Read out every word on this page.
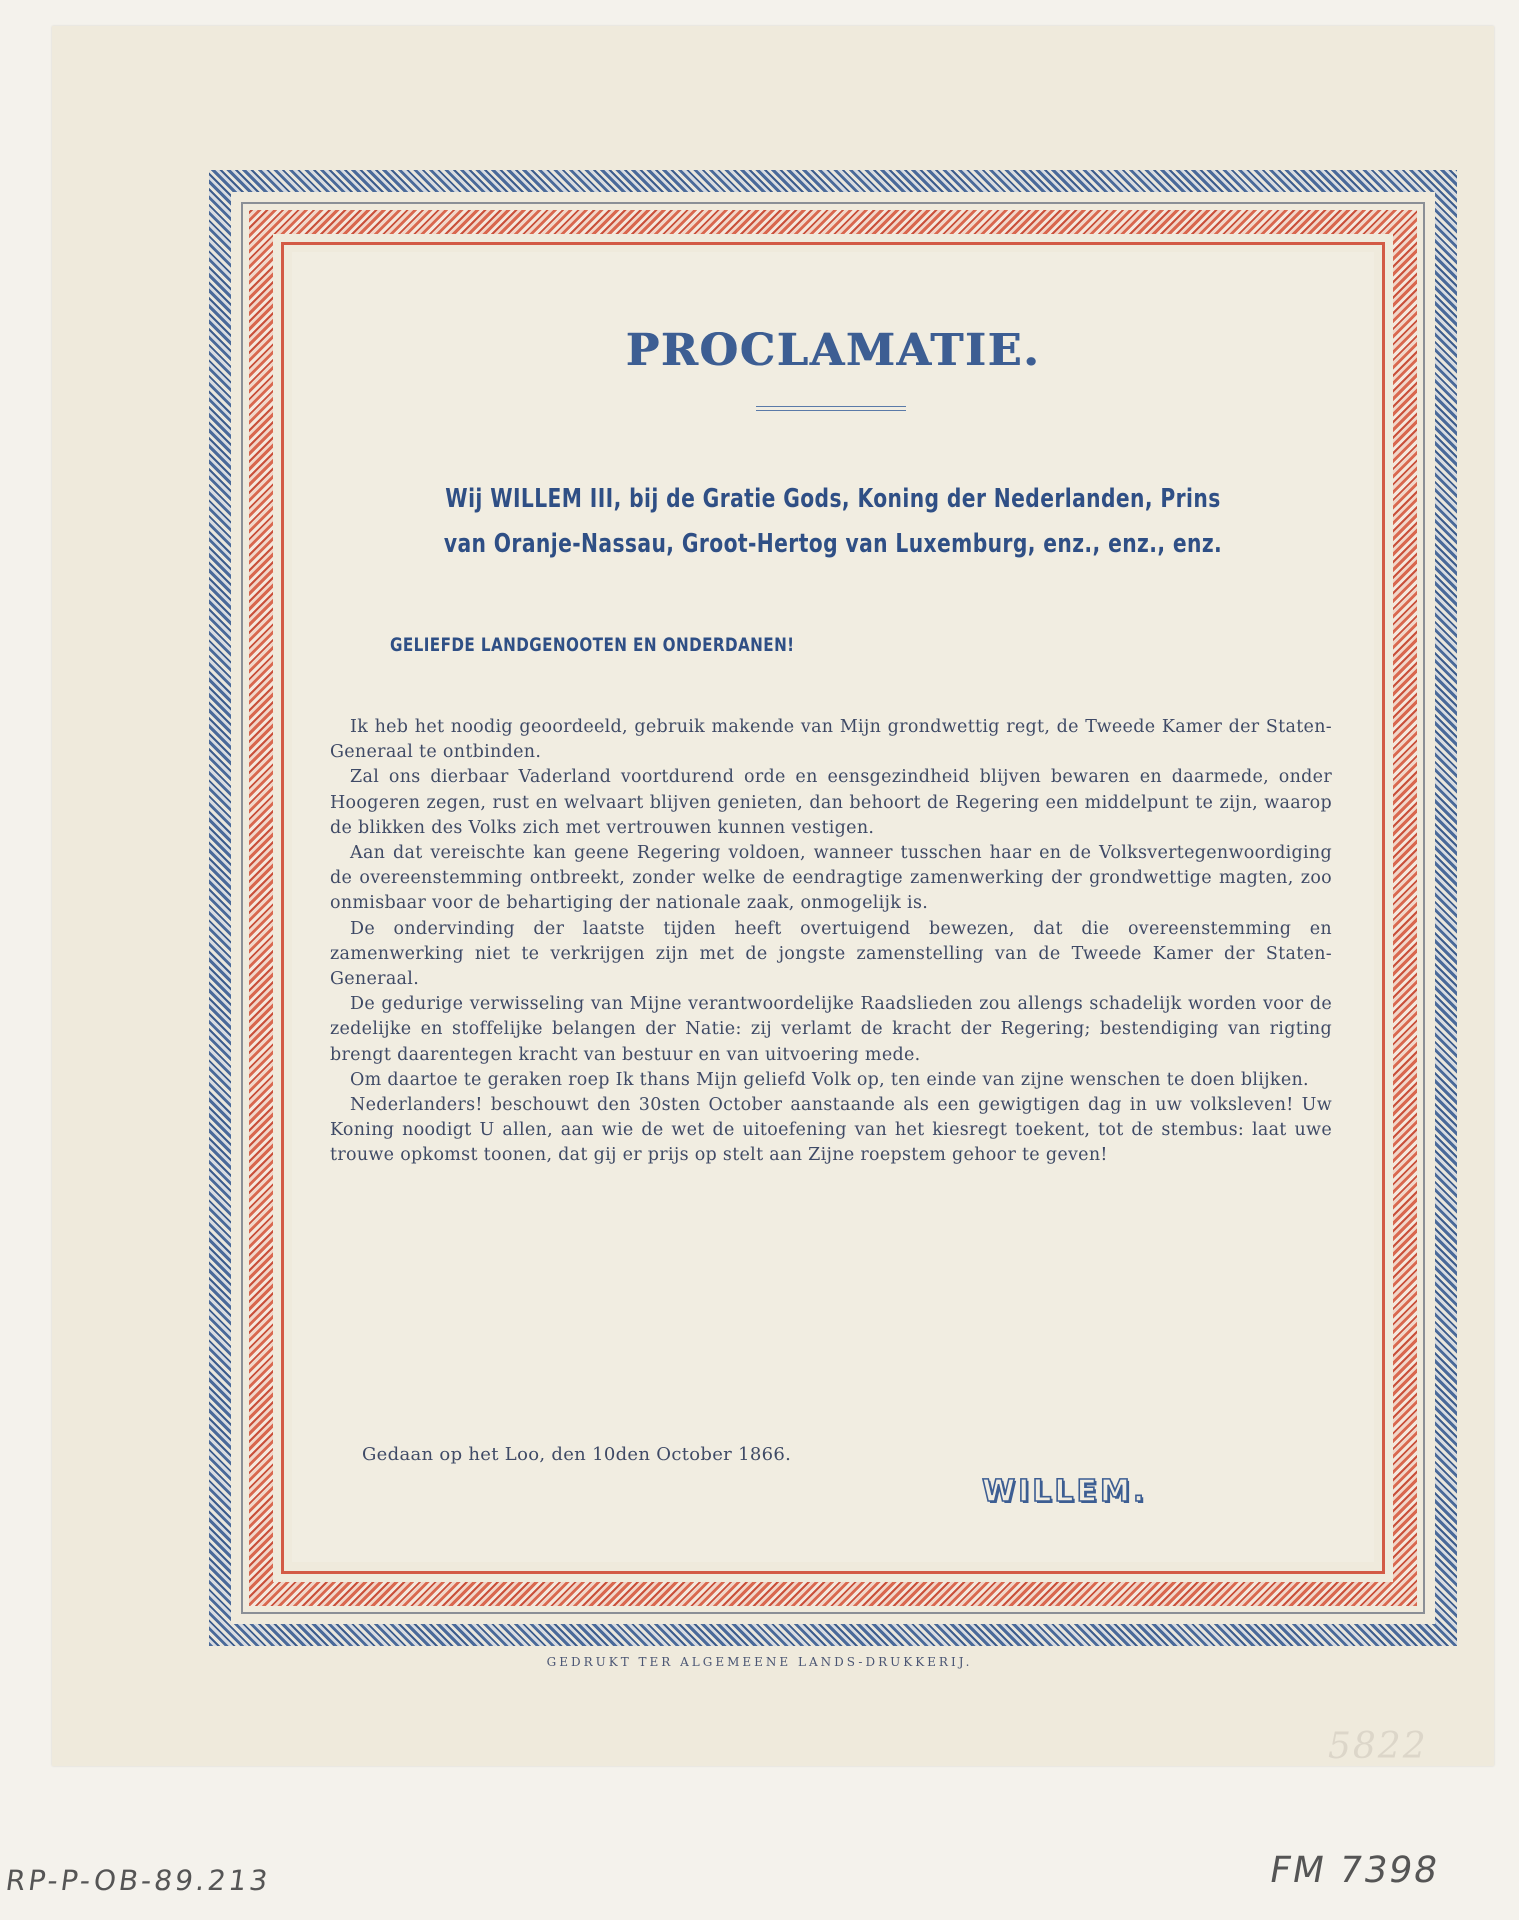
PROCLAMATIE.
Wij WILLEM III, bij de Gratie Gods, Koning der Nederlanden, Prins
van Oranje-Nassau, Groot-Hertog van Luxemburg, enz., enz., enz.
GELIEFDE LANDGENOOTEN EN ONDERDANEN!

Ik heb het noodig geoordeeld, gebruik makende van Mijn grondwettig regt, de Tweede Kamer der Staten-Generaal te ontbinden.

Zal ons dierbaar Vaderland voortdurend orde en eensgezindheid blijven bewaren en daarmede, onder Hoogeren zegen, rust en welvaart blijven genieten, dan behoort de Regering een middelpunt te zijn, waarop de blikken des Volks zich met vertrouwen kunnen vestigen.

Aan dat vereischte kan geene Regering voldoen, wanneer tusschen haar en de Volksvertegenwoordiging de overeenstemming ontbreekt, zonder welke de eendragtige zamenwerking der grondwettige magten, zoo onmisbaar voor de behartiging der nationale zaak, onmogelijk is.

De ondervinding der laatste tijden heeft overtuigend bewezen, dat die overeenstemming en zamenwerking niet te verkrijgen zijn met de jongste zamenstelling van de Tweede Kamer der Staten-Generaal.

De gedurige verwisseling van Mijne verantwoordelijke Raadslieden zou allengs schadelijk worden voor de zedelijke en stoffelijke belangen der Natie: zij verlamt de kracht der Regering; bestendiging van rigting brengt daarentegen kracht van bestuur en van uitvoering mede.

Om daartoe te geraken roep Ik thans Mijn geliefd Volk op, ten einde van zijne wenschen te doen blijken.

Nederlanders! beschouwt den 30sten October aanstaande als een gewigtigen dag in uw volksleven! Uw Koning noodigt U allen, aan wie de wet de uitoefening van het kiesregt toekent, tot de stembus: laat uwe trouwe opkomst toonen, dat gij er prijs op stelt aan Zijne roepstem gehoor te geven!

Gedaan op het Loo, den 10den October 1866.
WILLEM.
GEDRUKT TER ALGEMEENE LANDS-DRUKKERIJ.
5822
RP-P-OB-89.213	FM 7398
